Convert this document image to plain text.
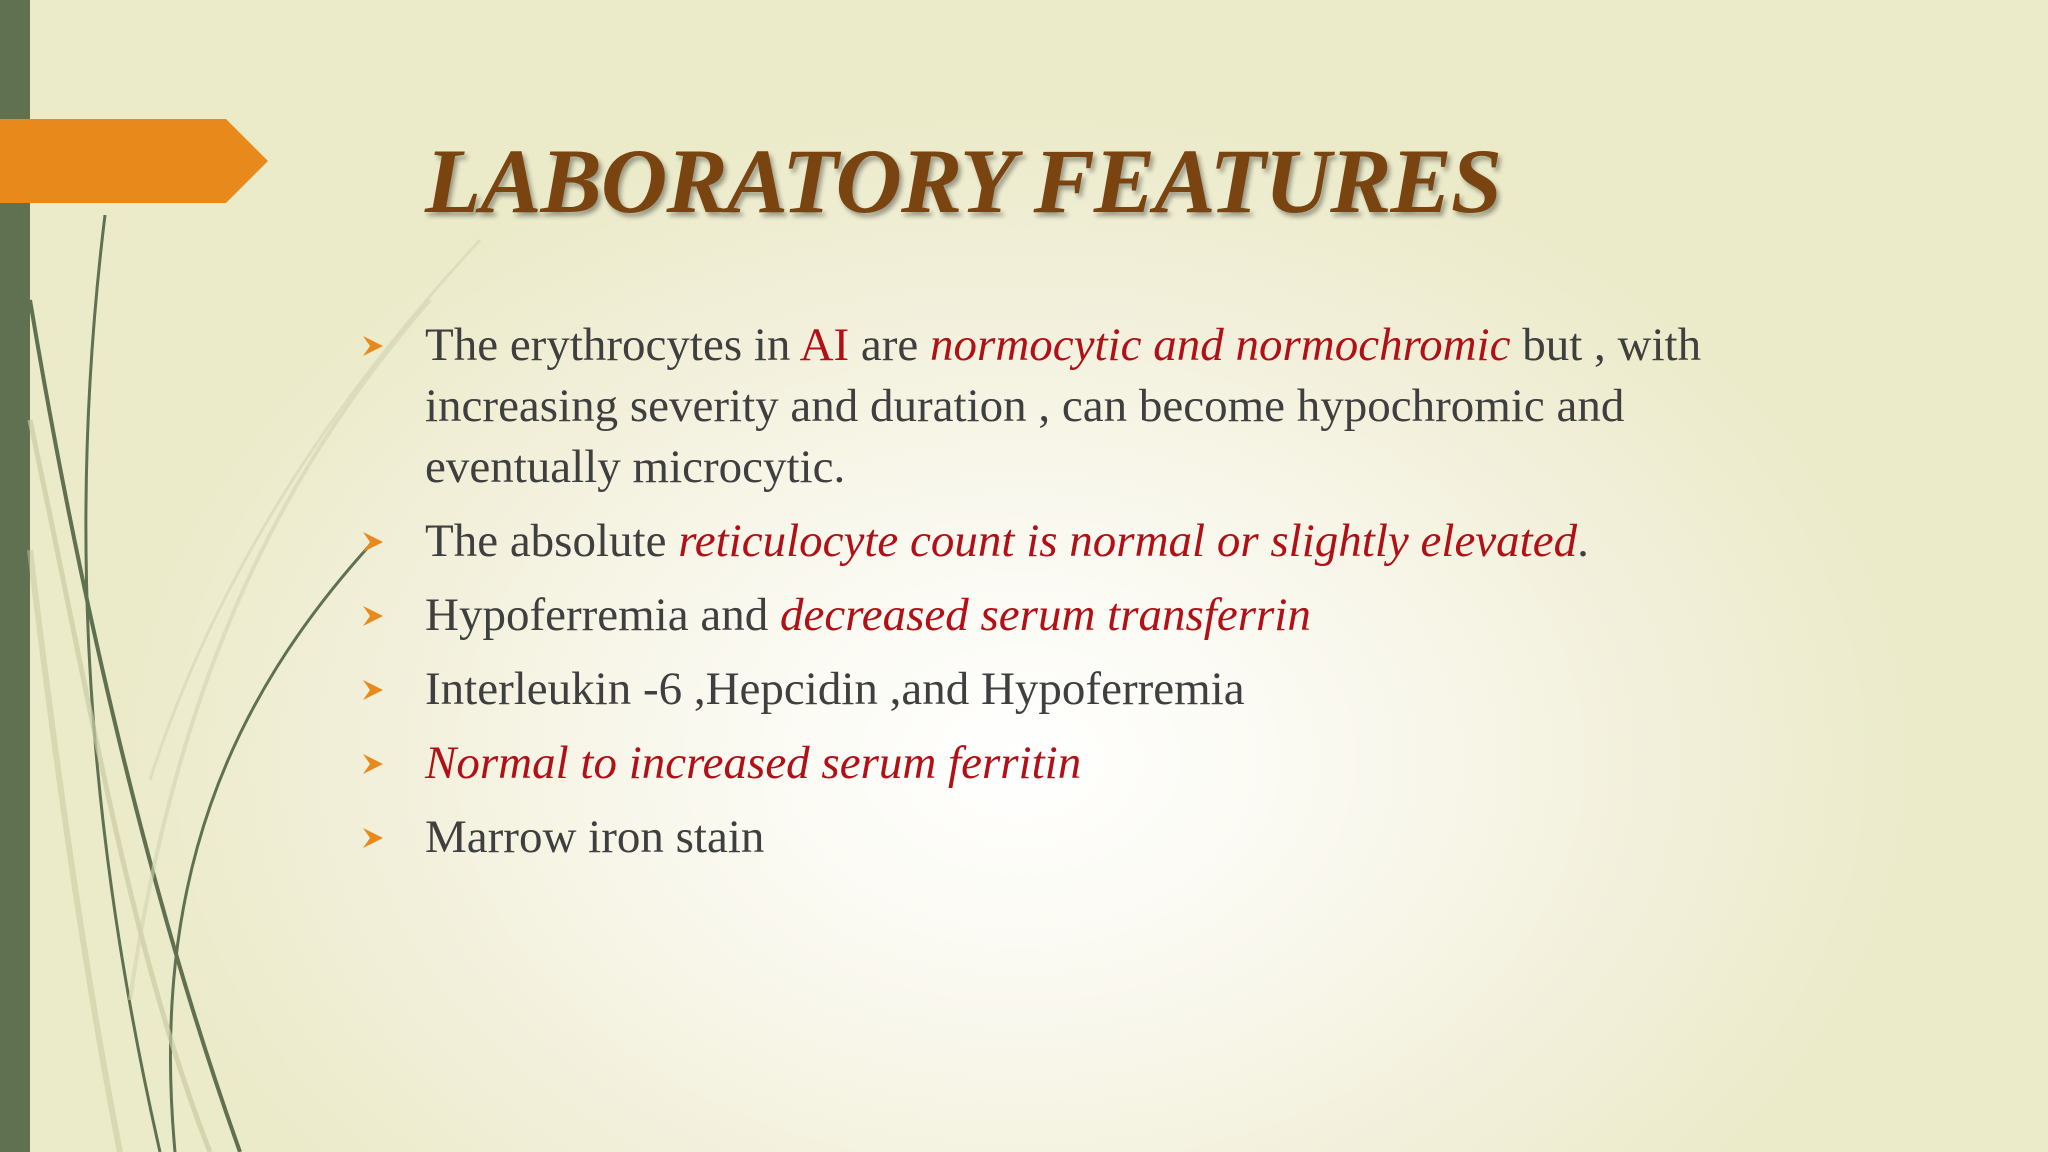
LABORATORY FEATURES
The erythrocytes in AI are normocytic and normochromic but , with increasing severity and duration , can become hypochromic and eventually microcytic.
The absolute reticulocyte count is normal or slightly elevated.
Hypoferremia and decreased serum transferrin
Interleukin -6 ,Hepcidin ,and Hypoferremia
Normal to increased serum ferritin
Marrow iron stain
